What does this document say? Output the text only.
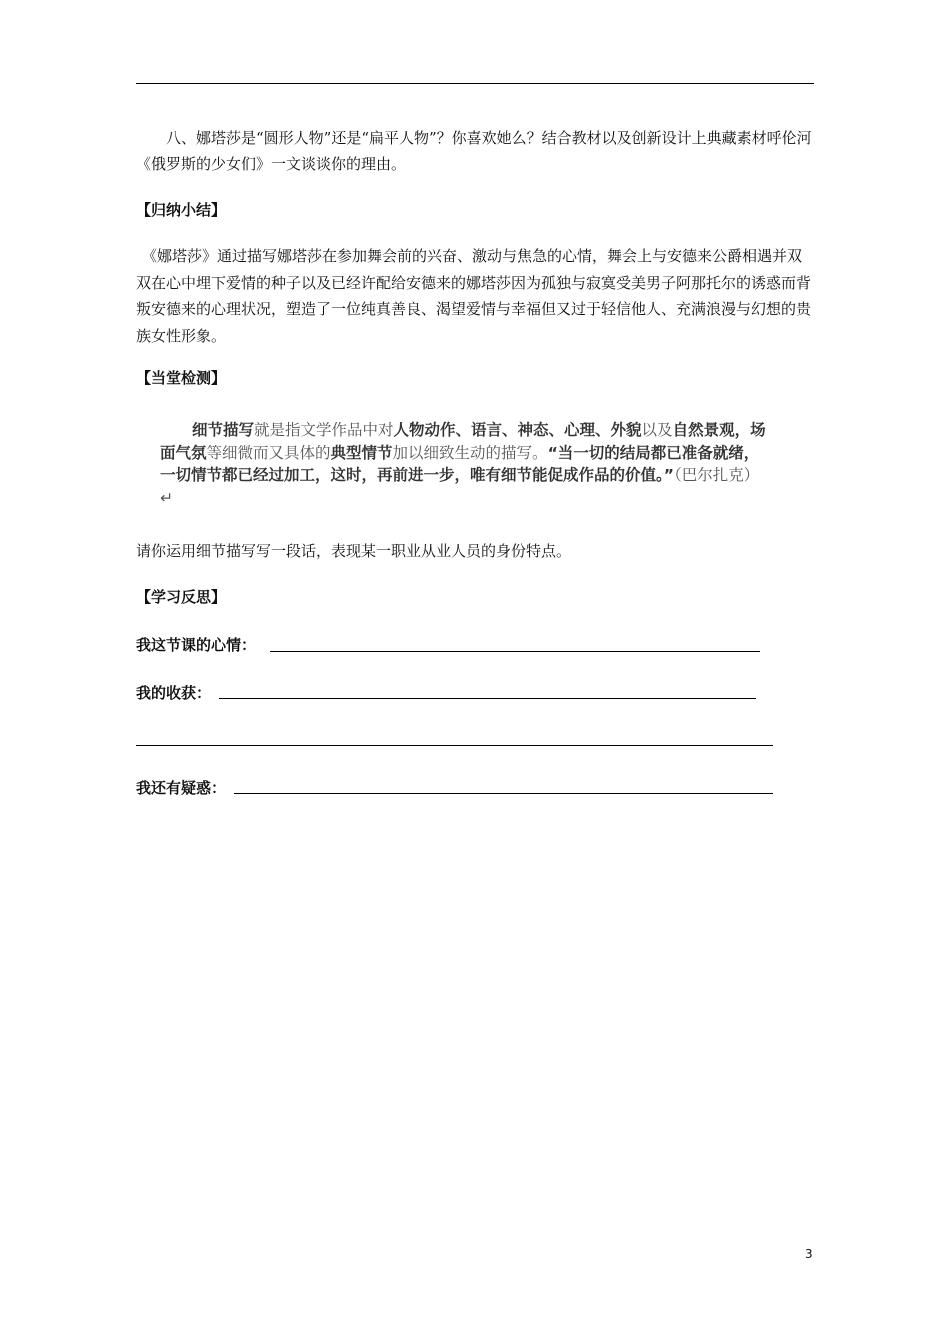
八、娜塔莎是“圆形人物”还是“扁平人物”？你喜欢她么？结合教材以及创新设计上典藏素材呼伦河《俄罗斯的少女们》一文谈谈你的理由。
【归纳小结】
《娜塔莎》通过描写娜塔莎在参加舞会前的兴奋、激动与焦急的心情，舞会上与安德来公爵相遇并双双在心中埋下爱情的种子以及已经许配给安德来的娜塔莎因为孤独与寂寞受美男子阿那托尔的诱惑而背叛安德来的心理状况，塑造了一位纯真善良、渴望爱情与幸福但又过于轻信他人、充满浪漫与幻想的贵族女性形象。
【当堂检测】
细节描写就是指文学作品中对人物动作、语言、神态、心理、外貌以及自然景观，场面气氛等细微而又具体的典型情节加以细致生动的描写。“当一切的结局都已准备就绪，一切情节都已经过加工，这时，再前进一步，唯有细节能促成作品的价值。”（巴尔扎克）↵
请你运用细节描写写一段话，表现某一职业从业人员的身份特点。
【学习反思】
我这节课的心情：
我的收获：
我还有疑惑：
3
